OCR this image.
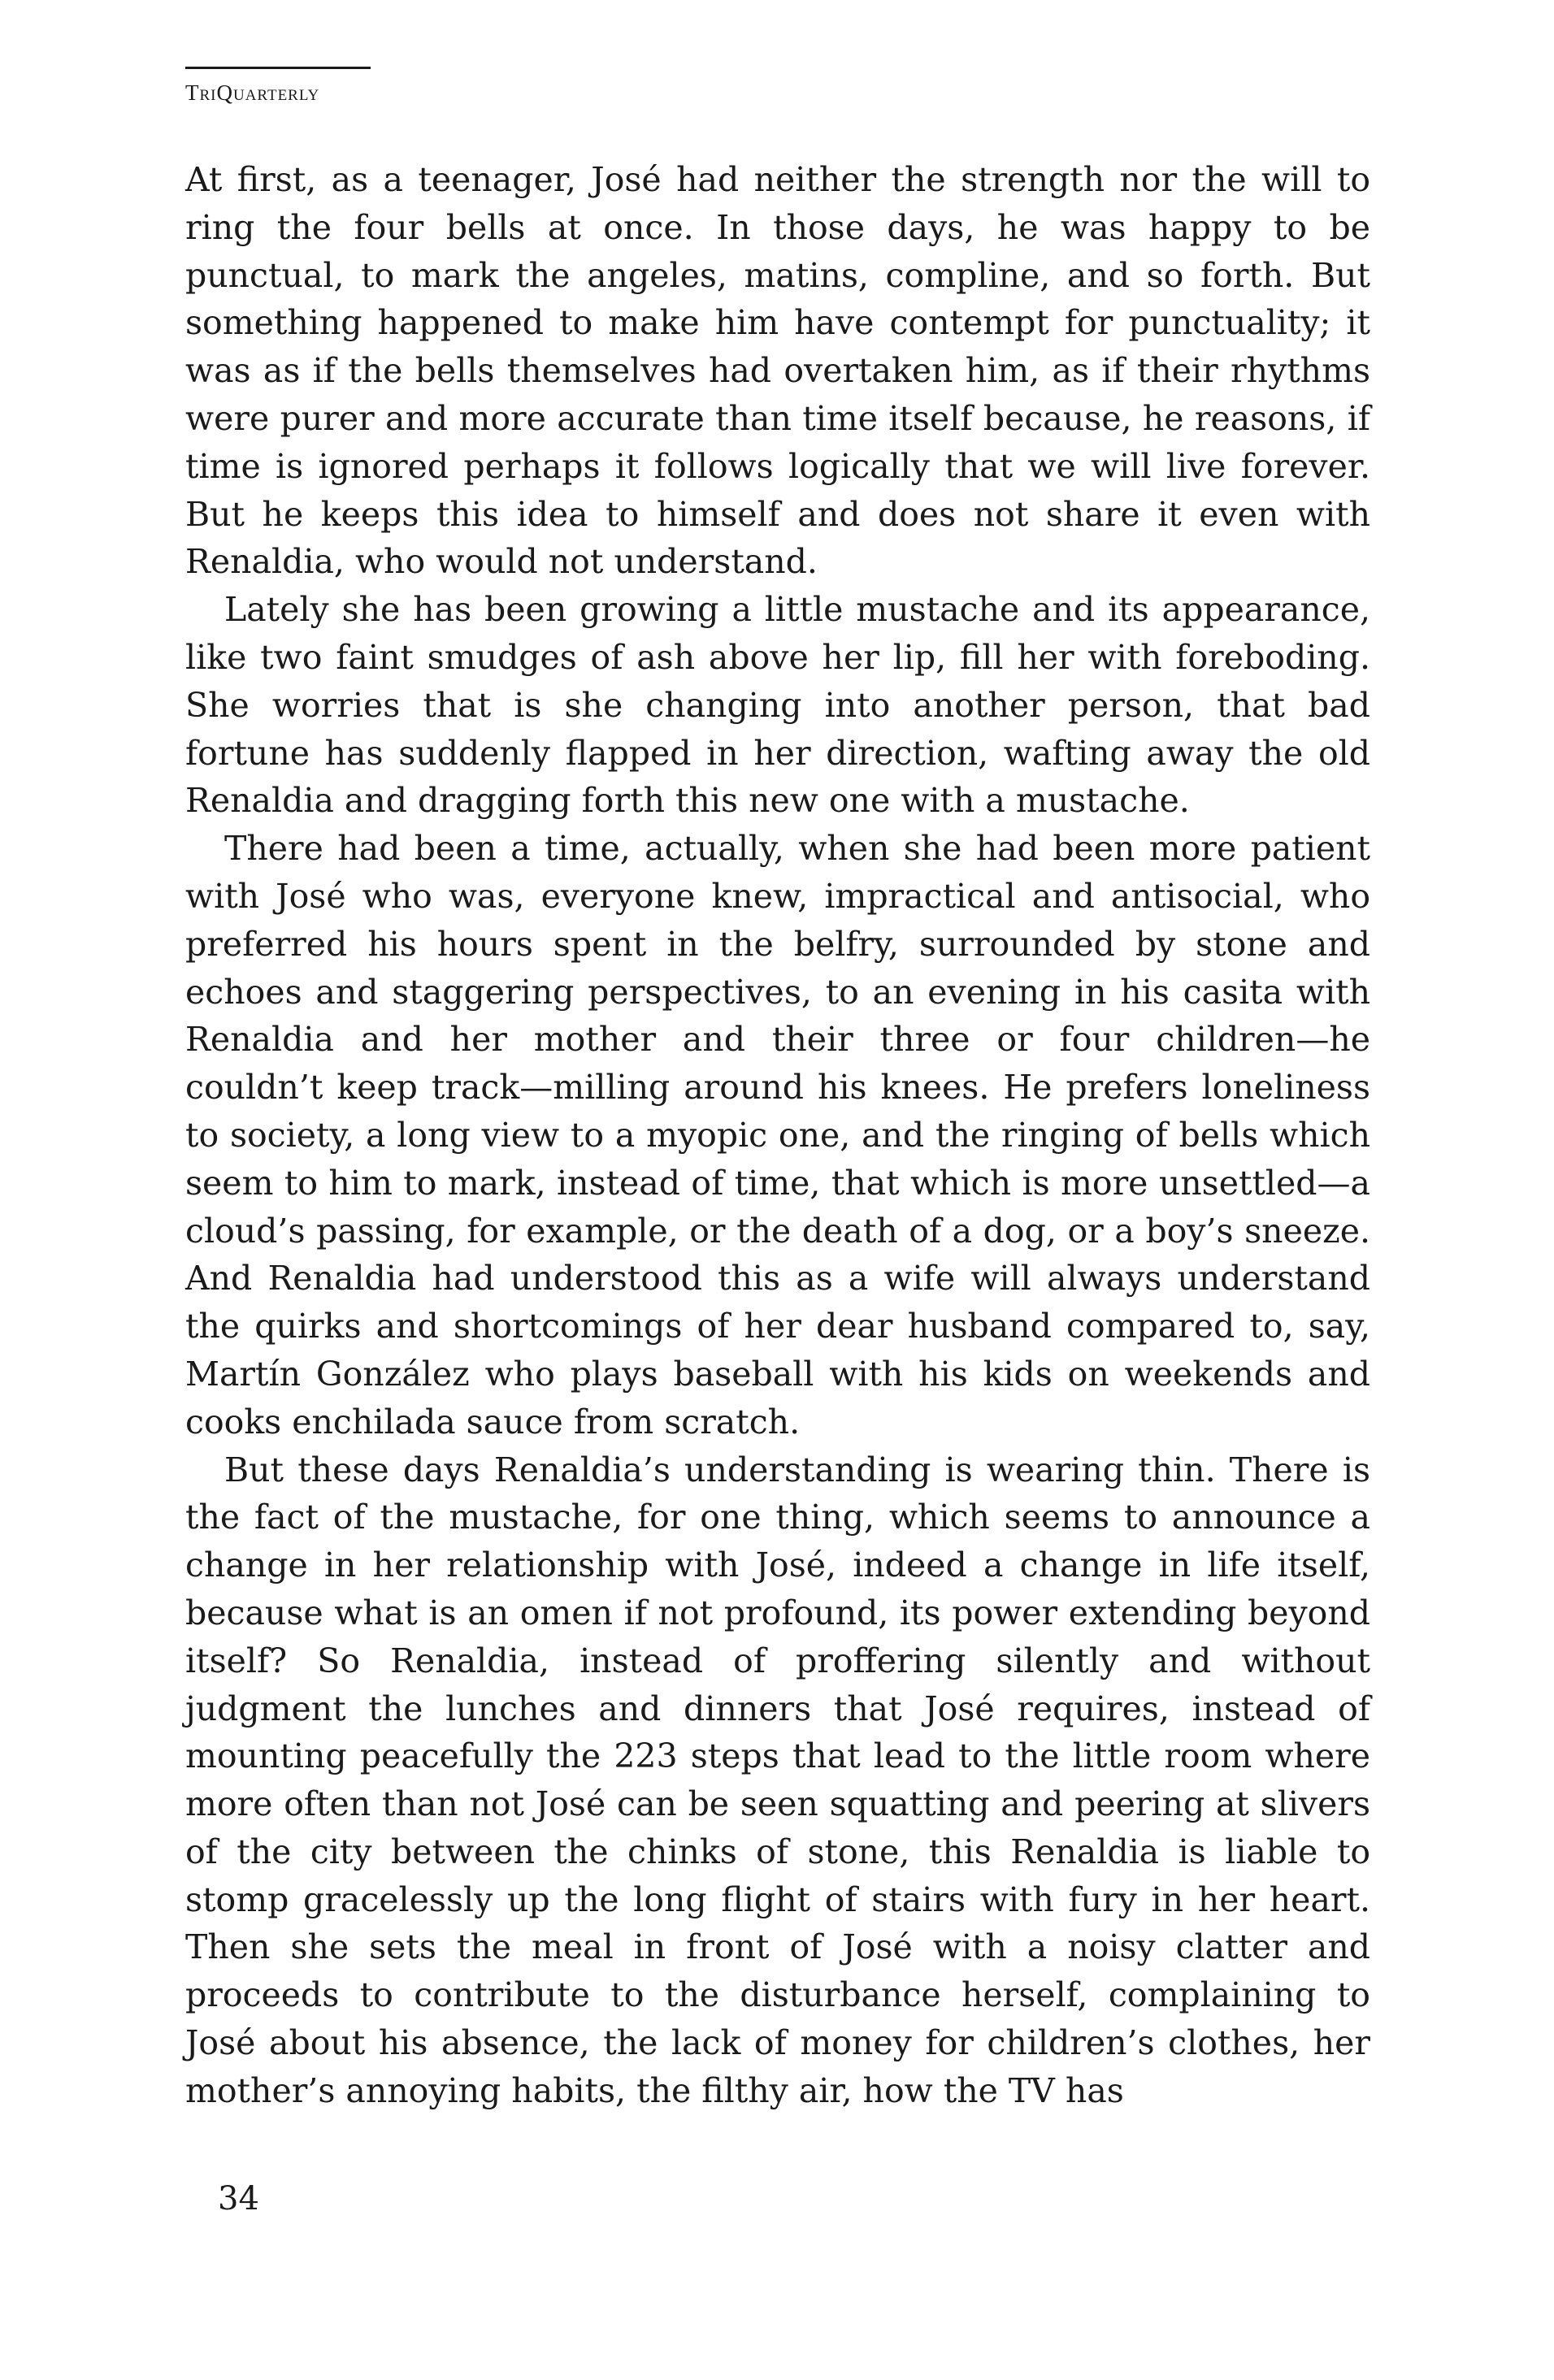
TriQuarterly

At first, as a teenager, José had neither the strength nor the will to ring the four bells at once. In those days, he was happy to be punctual, to mark the angeles, matins, compline, and so forth. But something happened to make him have contempt for punctuality; it was as if the bells themselves had overtaken him, as if their rhythms were purer and more accurate than time itself because, he reasons, if time is ignored perhaps it follows logically that we will live forever. But he keeps this idea to himself and does not share it even with Renaldia, who would not understand.

Lately she has been growing a little mustache and its appearance, like two faint smudges of ash above her lip, fill her with foreboding. She worries that is she changing into another person, that bad fortune has suddenly flapped in her direction, wafting away the old Renaldia and dragging forth this new one with a mustache.

There had been a time, actually, when she had been more patient with José who was, everyone knew, impractical and antisocial, who preferred his hours spent in the belfry, surrounded by stone and echoes and staggering perspectives, to an evening in his casita with Renaldia and her mother and their three or four children—he couldn’t keep track—milling around his knees. He prefers loneliness to society, a long view to a myopic one, and the ringing of bells which seem to him to mark, instead of time, that which is more unsettled—a cloud’s passing, for example, or the death of a dog, or a boy’s sneeze. And Renaldia had understood this as a wife will always understand the quirks and shortcomings of her dear husband compared to, say, Martín González who plays baseball with his kids on weekends and cooks enchilada sauce from scratch.

But these days Renaldia’s understanding is wearing thin. There is the fact of the mustache, for one thing, which seems to announce a change in her relationship with José, indeed a change in life itself, because what is an omen if not profound, its power extending beyond itself? So Renaldia, instead of proffering silently and without judgment the lunches and dinners that José requires, instead of mounting peacefully the 223 steps that lead to the little room where more often than not José can be seen squatting and peering at slivers of the city between the chinks of stone, this Renaldia is liable to stomp gracelessly up the long flight of stairs with fury in her heart. Then she sets the meal in front of José with a noisy clatter and proceeds to contribute to the disturbance herself, complaining to José about his absence, the lack of money for children’s clothes, her mother’s annoying habits, the filthy air, how the TV has

34
